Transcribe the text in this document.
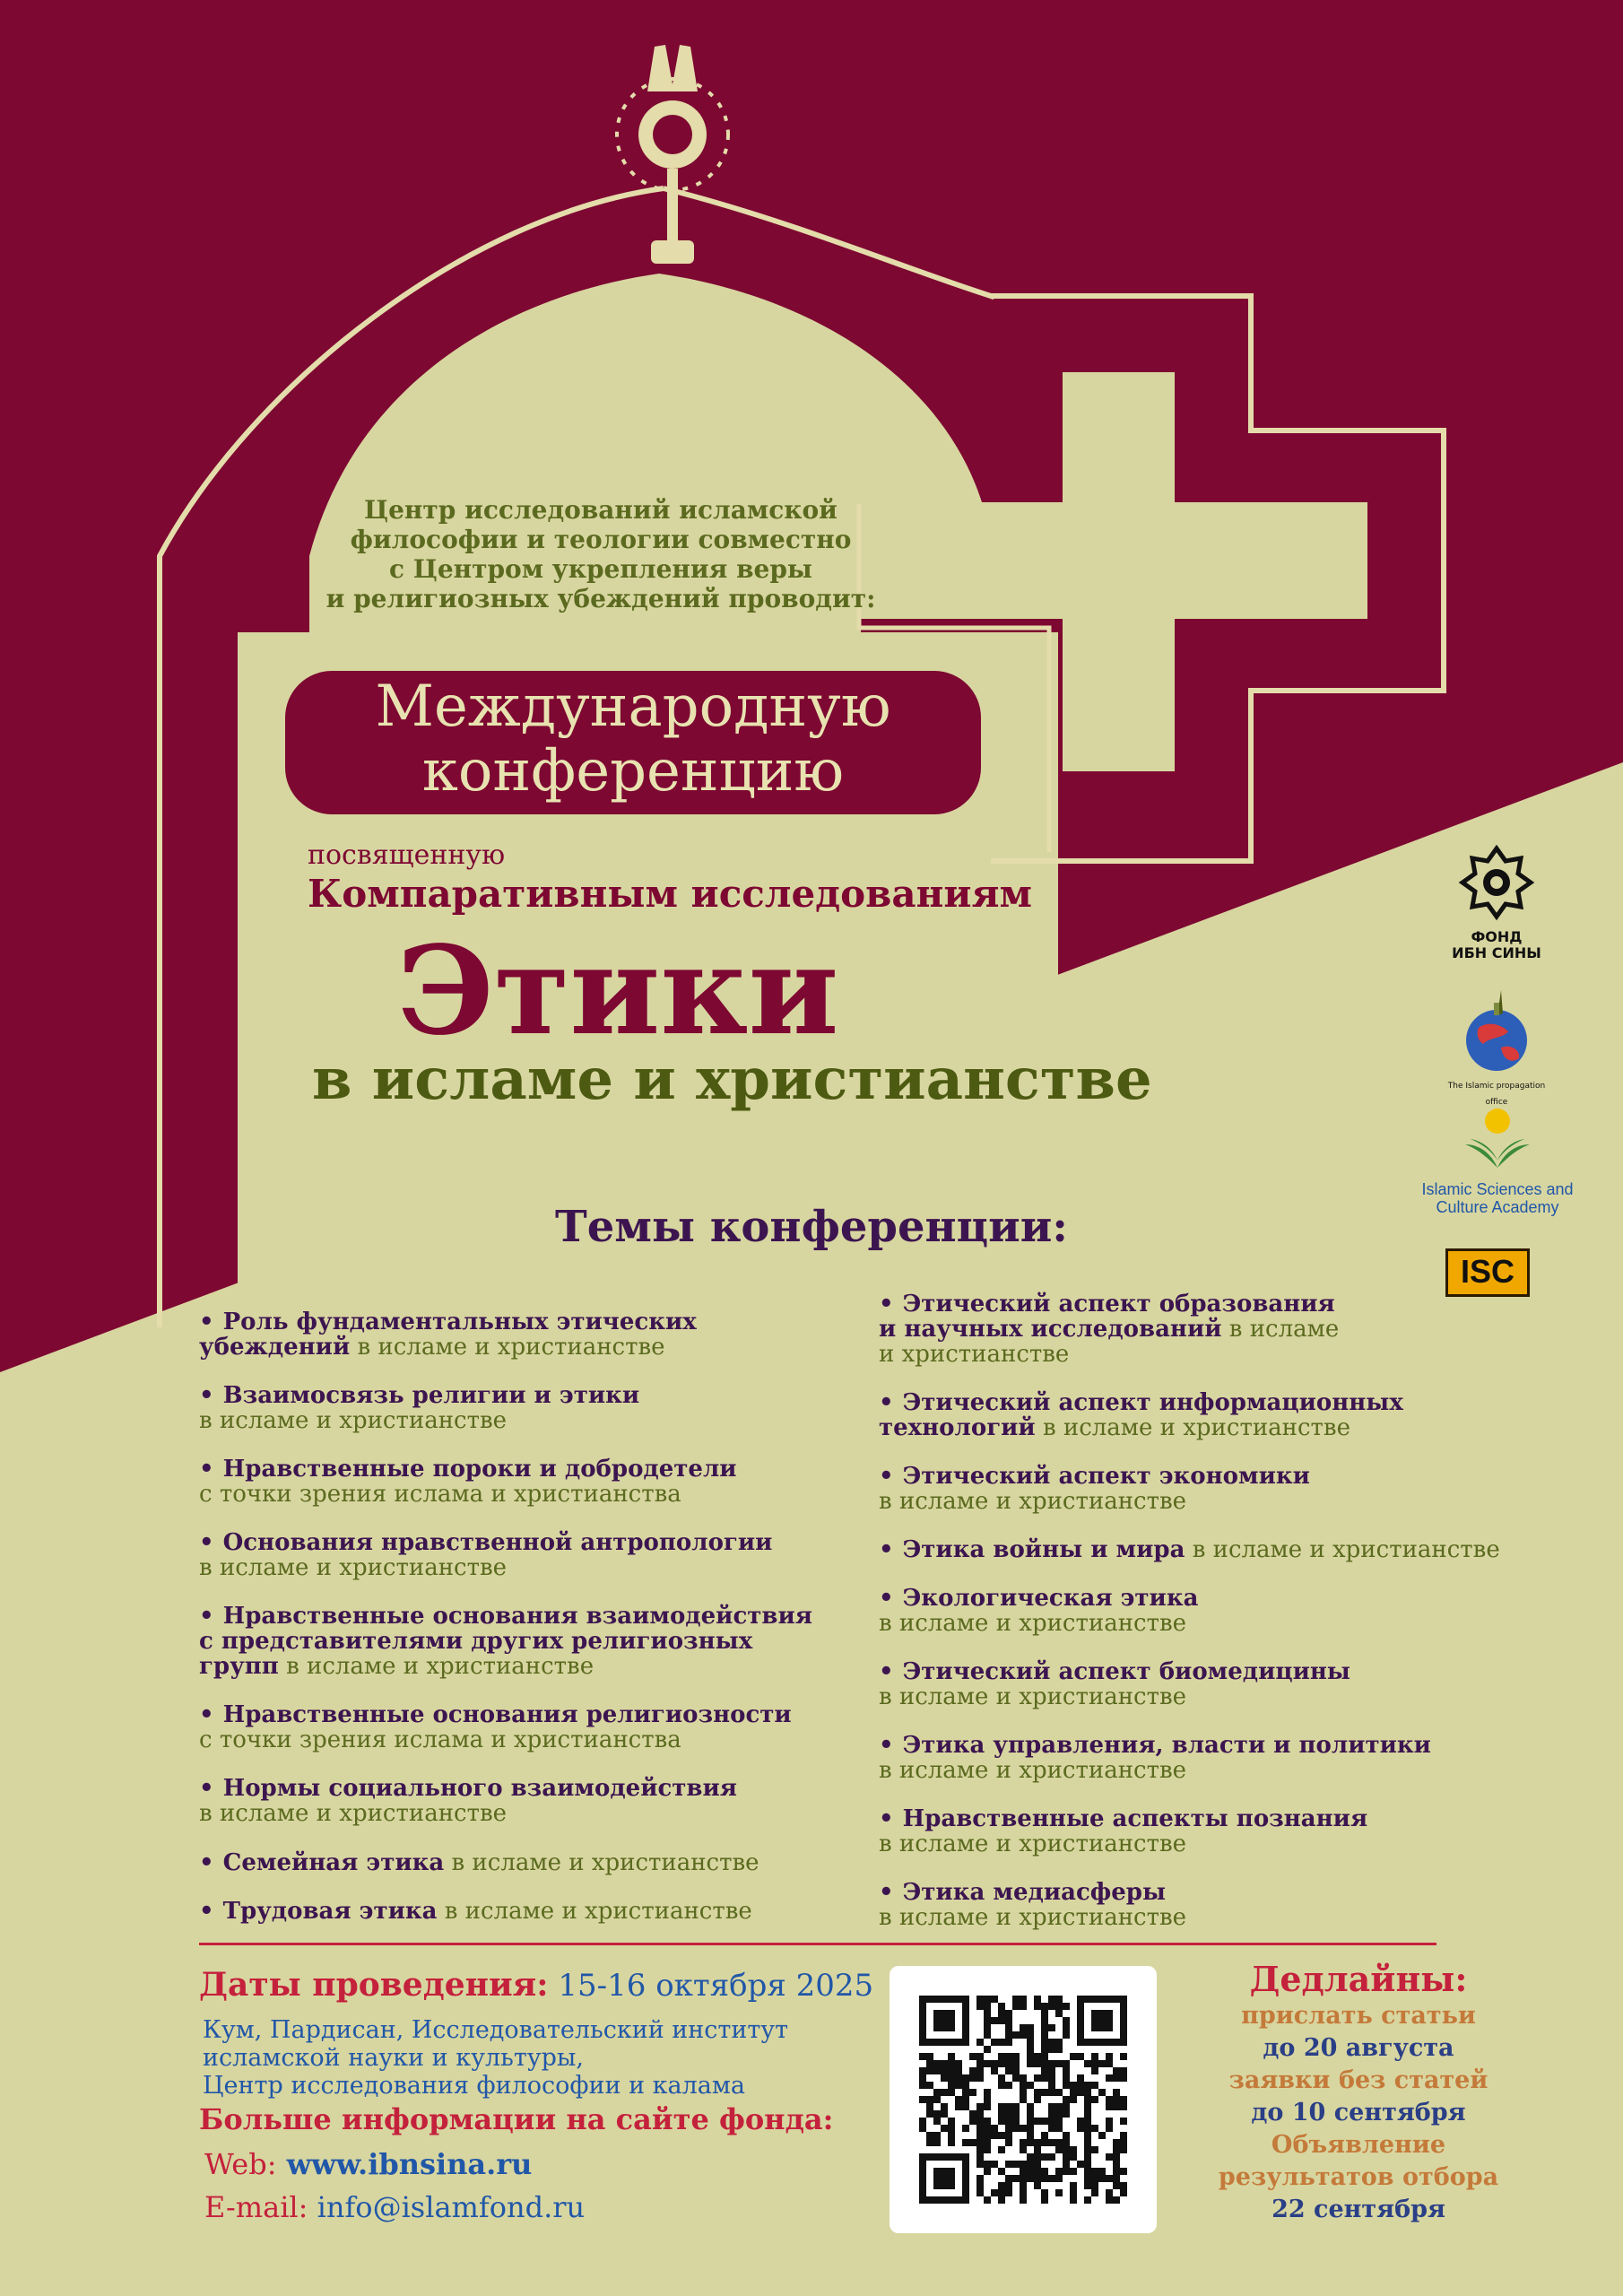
Центр исследований исламской
философии и теологии совместно
с Центром укрепления веры
и религиозных убеждений проводит:
Международную
конференцию
посвященную
Компаративным исследованиям
Этики
в исламе и христианстве
ФОНД
ИБН СИНЫ
The Islamic propagation office
Islamic Sciences and
Culture Academy
ISC
Темы конференции:
• Роль фундаментальных этических
убеждений в исламе и христианстве
• Взаимосвязь религии и этики
в исламе и христианстве
• Нравственные пороки и добродетели
с точки зрения ислама и христианства
• Основания нравственной антропологии
в исламе и христианстве
• Нравственные основания взаимодействия
с представителями других религиозных
групп в исламе и христианстве
• Нравственные основания религиозности
с точки зрения ислама и христианства
• Нормы социального взаимодействия
в исламе и христианстве
• Семейная этика в исламе и христианстве
• Трудовая этика в исламе и христианстве
• Этический аспект образования
и научных исследований в исламе
и христианстве
• Этический аспект информационных
технологий в исламе и христианстве
• Этический аспект экономики
в исламе и христианстве
• Этика войны и мира в исламе и христианстве
• Экологическая этика
в исламе и христианстве
• Этический аспект биомедицины
в исламе и христианстве
• Этика управления, власти и политики
в исламе и христианстве
• Нравственные аспекты познания
в исламе и христианстве
• Этика медиасферы
в исламе и христианстве
Даты проведения: 15-16 октября 2025
Кум, Пардисан, Исследовательский институт
исламской науки и культуры,
Центр исследования философии и калама
Больше информации на сайте фонда:
Web: www.ibnsina.ru
E-mail: info@islamfond.ru
Дедлайны:
прислать статьи
до 20 августа
заявки без статей
до 10 сентября
Объявление
результатов отбора
22 сентября
